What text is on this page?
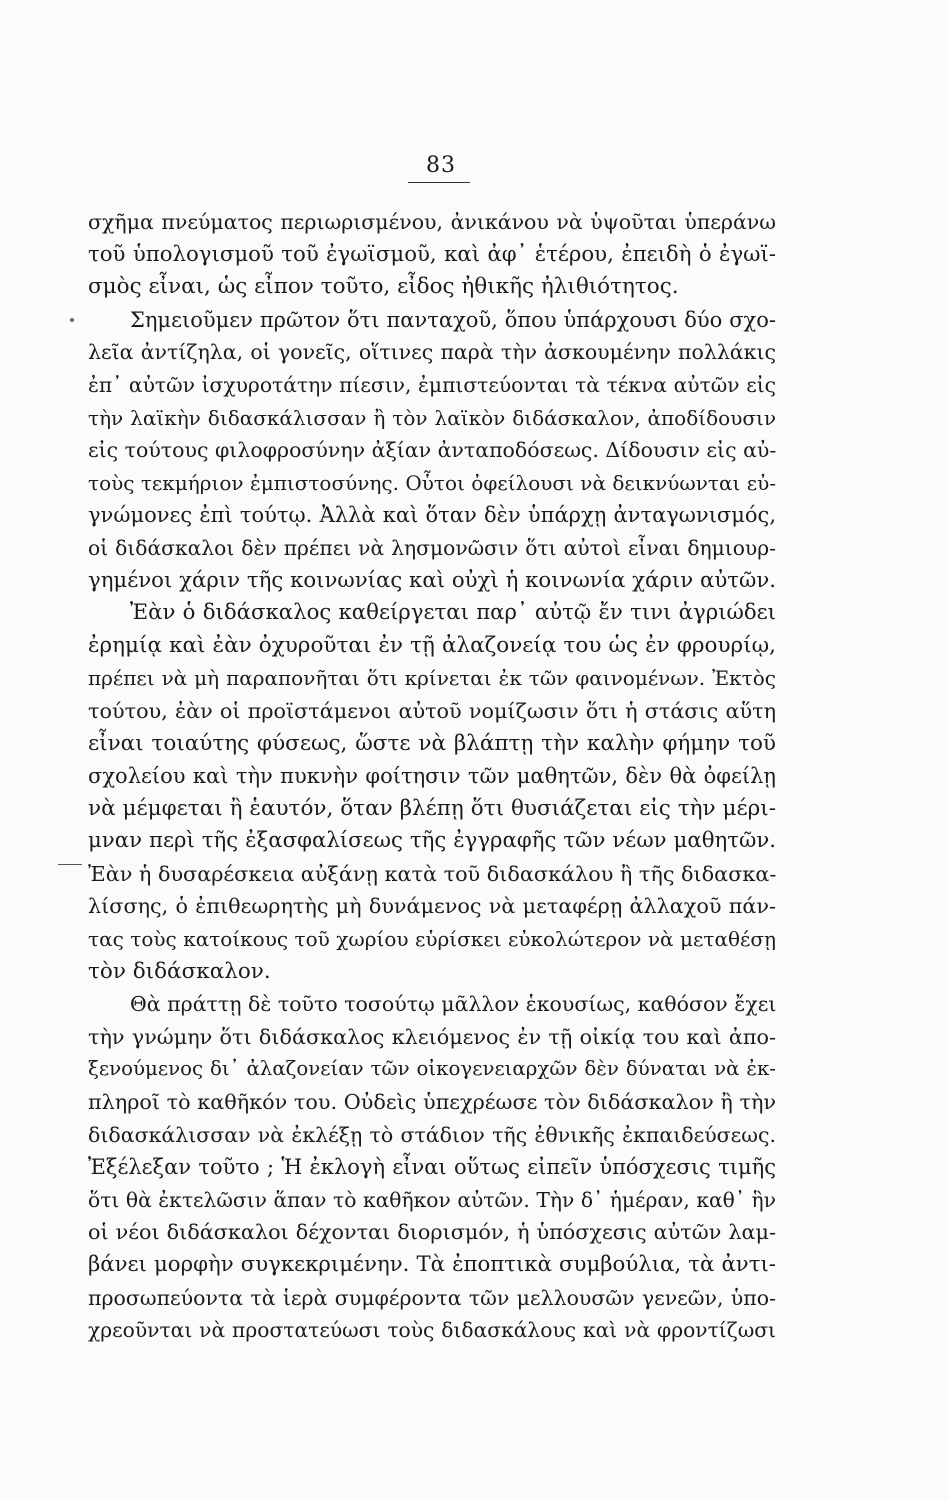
83
σχῆμα πνεύματος περιωρισμένου, ἀνικάνου νὰ ὑψοῦται ὑπεράνω
τοῦ ὑπολογισμοῦ τοῦ ἐγωϊσμοῦ, καὶ ἀφ᾽ ἑτέρου, ἐπειδὴ ὁ ἐγωϊ-
σμὸς εἶναι, ὡς εἶπον τοῦτο, εἶδος ἠθικῆς ἠλιθιότητος.
Σημειοῦμεν πρῶτον ὅτι πανταχοῦ, ὅπου ὑπάρχουσι δύο σχο-
λεῖα ἀντίζηλα, οἱ γονεῖς, οἵτινες παρὰ τὴν ἀσκουμένην πολλάκις
ἐπ᾽ αὐτῶν ἰσχυροτάτην πίεσιν, ἐμπιστεύονται τὰ τέκνα αὐτῶν εἰς
τὴν λαϊκὴν διδασκάλισσαν ἢ τὸν λαϊκὸν διδάσκαλον, ἀποδίδουσιν
εἰς τούτους φιλοφροσύνην ἀξίαν ἀνταποδόσεως. Δίδουσιν εἰς αὐ-
τοὺς τεκμήριον ἐμπιστοσύνης. Οὗτοι ὀφείλουσι νὰ δεικνύωνται εὐ-
γνώμονες ἐπὶ τούτῳ. Ἀλλὰ καὶ ὅταν δὲν ὑπάρχῃ ἀνταγωνισμός,
οἱ διδάσκαλοι δὲν πρέπει νὰ λησμονῶσιν ὅτι αὐτοὶ εἶναι δημιουρ-
γημένοι χάριν τῆς κοινωνίας καὶ οὐχὶ ἡ κοινωνία χάριν αὐτῶν.
Ἐὰν ὁ διδάσκαλος καθείργεται παρ᾽ αὐτῷ ἔν τινι ἀγριώδει
ἐρημίᾳ καὶ ἐὰν ὀχυροῦται ἐν τῇ ἀλαζονείᾳ του ὡς ἐν φρουρίῳ,
πρέπει νὰ μὴ παραπονῆται ὅτι κρίνεται ἐκ τῶν φαινομένων. Ἐκτὸς
τούτου, ἐὰν οἱ προϊστάμενοι αὐτοῦ νομίζωσιν ὅτι ἡ στάσις αὕτη
εἶναι τοιαύτης φύσεως, ὥστε νὰ βλάπτῃ τὴν καλὴν φήμην τοῦ
σχολείου καὶ τὴν πυκνὴν φοίτησιν τῶν μαθητῶν, δὲν θὰ ὀφείλῃ
νὰ μέμφεται ἢ ἑαυτόν, ὅταν βλέπῃ ὅτι θυσιάζεται εἰς τὴν μέρι-
μναν περὶ τῆς ἐξασφαλίσεως τῆς ἐγγραφῆς τῶν νέων μαθητῶν.
Ἐὰν ἡ δυσαρέσκεια αὐξάνῃ κατὰ τοῦ διδασκάλου ἢ τῆς διδασκα-
λίσσης, ὁ ἐπιθεωρητὴς μὴ δυνάμενος νὰ μεταφέρῃ ἀλλαχοῦ πάν-
τας τοὺς κατοίκους τοῦ χωρίου εὑρίσκει εὐκολώτερον νὰ μεταθέσῃ
τὸν διδάσκαλον.
Θὰ πράττῃ δὲ τοῦτο τοσούτῳ μᾶλλον ἑκουσίως, καθόσον ἔχει
τὴν γνώμην ὅτι διδάσκαλος κλειόμενος ἐν τῇ οἰκίᾳ του καὶ ἀπο-
ξενούμενος δι᾽ ἀλαζονείαν τῶν οἰκογενειαρχῶν δὲν δύναται νὰ ἐκ-
πληροῖ τὸ καθῆκόν του. Οὐδεὶς ὑπεχρέωσε τὸν διδάσκαλον ἢ τὴν
διδασκάλισσαν νὰ ἐκλέξῃ τὸ στάδιον τῆς ἐθνικῆς ἐκπαιδεύσεως.
Ἐξέλεξαν τοῦτο ; Ἡ ἐκλογὴ εἶναι οὕτως εἰπεῖν ὑπόσχεσις τιμῆς
ὅτι θὰ ἐκτελῶσιν ἅπαν τὸ καθῆκον αὐτῶν. Τὴν δ᾽ ἡμέραν, καθ᾽ ἣν
οἱ νέοι διδάσκαλοι δέχονται διορισμόν, ἡ ὑπόσχεσις αὐτῶν λαμ-
βάνει μορφὴν συγκεκριμένην. Τὰ ἐποπτικὰ συμβούλια, τὰ ἀντι-
προσωπεύοντα τὰ ἱερὰ συμφέροντα τῶν μελλουσῶν γενεῶν, ὑπο-
χρεοῦνται νὰ προστατεύωσι τοὺς διδασκάλους καὶ νὰ φροντίζωσι
